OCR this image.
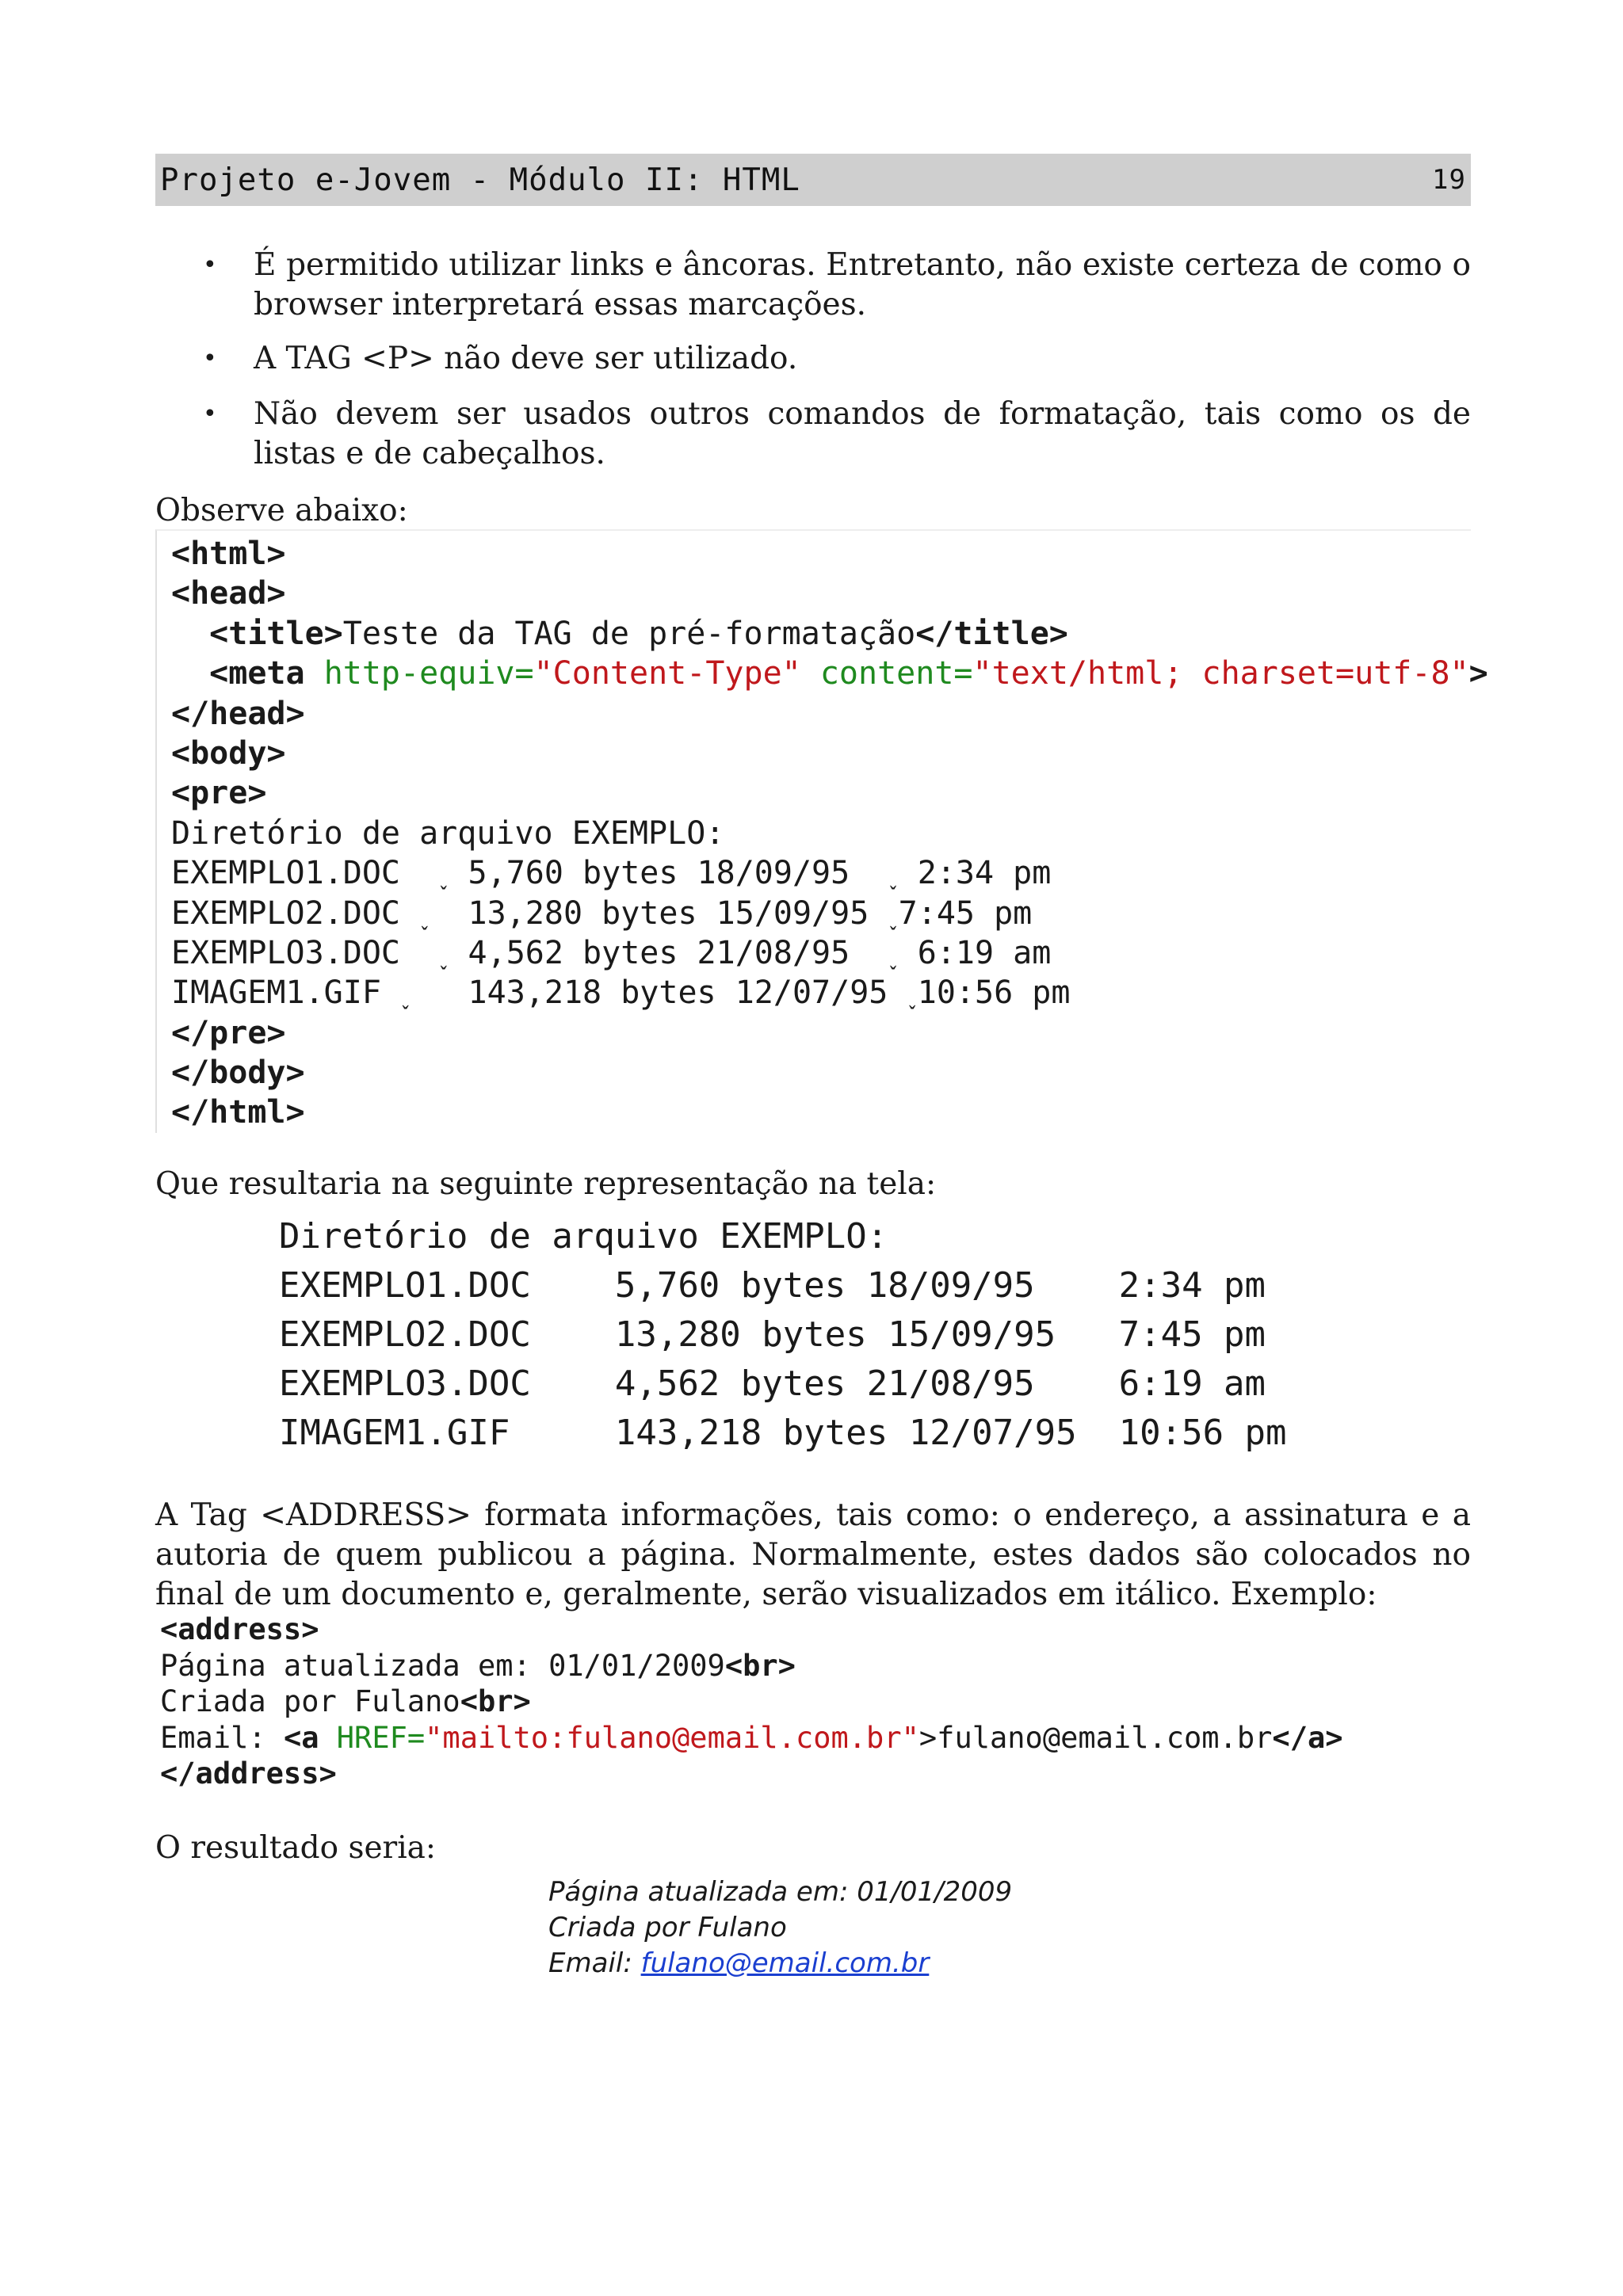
Projeto e-Jovem - Módulo II: HTML	19
• É permitido utilizar links e âncoras. Entretanto, não existe certeza de como o browser interpretará essas marcações.
• A TAG <P> não deve ser utilizado.
• Não devem ser usados outros comandos de formatação, tais como os de listas e de cabeçalhos.
Observe abaixo:
<html>
<head>
<title>Teste da TAG de pré-formatação</title>
<meta http-equiv="Content-Type" content="text/html; charset=utf-8">
</head>
<body>
<pre>
Diretório de arquivo EXEMPLO:
EXEMPLO1.DOC  ˯ 5,760 bytes 18/09/95  ˯ 2:34 pm
EXEMPLO2.DOC ˯  13,280 bytes 15/09/95 ˯7:45 pm
EXEMPLO3.DOC  ˯ 4,562 bytes 21/08/95  ˯ 6:19 am
IMAGEM1.GIF ˯   143,218 bytes 12/07/95 ˯10:56 pm
</pre>
</body>
</html>
Que resultaria na seguinte representação na tela:
Diretório de arquivo EXEMPLO:
EXEMPLO1.DOC    5,760 bytes 18/09/95    2:34 pm
EXEMPLO2.DOC    13,280 bytes 15/09/95   7:45 pm
EXEMPLO3.DOC    4,562 bytes 21/08/95    6:19 am
IMAGEM1.GIF     143,218 bytes 12/07/95  10:56 pm
A Tag <ADDRESS> formata informações, tais como: o endereço, a assinatura e a autoria de quem publicou a página. Normalmente, estes dados são colocados no final de um documento e, geralmente, serão visualizados em itálico. Exemplo:
<address>
Página atualizada em: 01/01/2009<br>
Criada por Fulano<br>
Email: <a HREF="mailto:fulano@email.com.br">fulano@email.com.br</a>
</address>
O resultado seria:
Página atualizada em: 01/01/2009
Criada por Fulano
Email: fulano@email.com.br
